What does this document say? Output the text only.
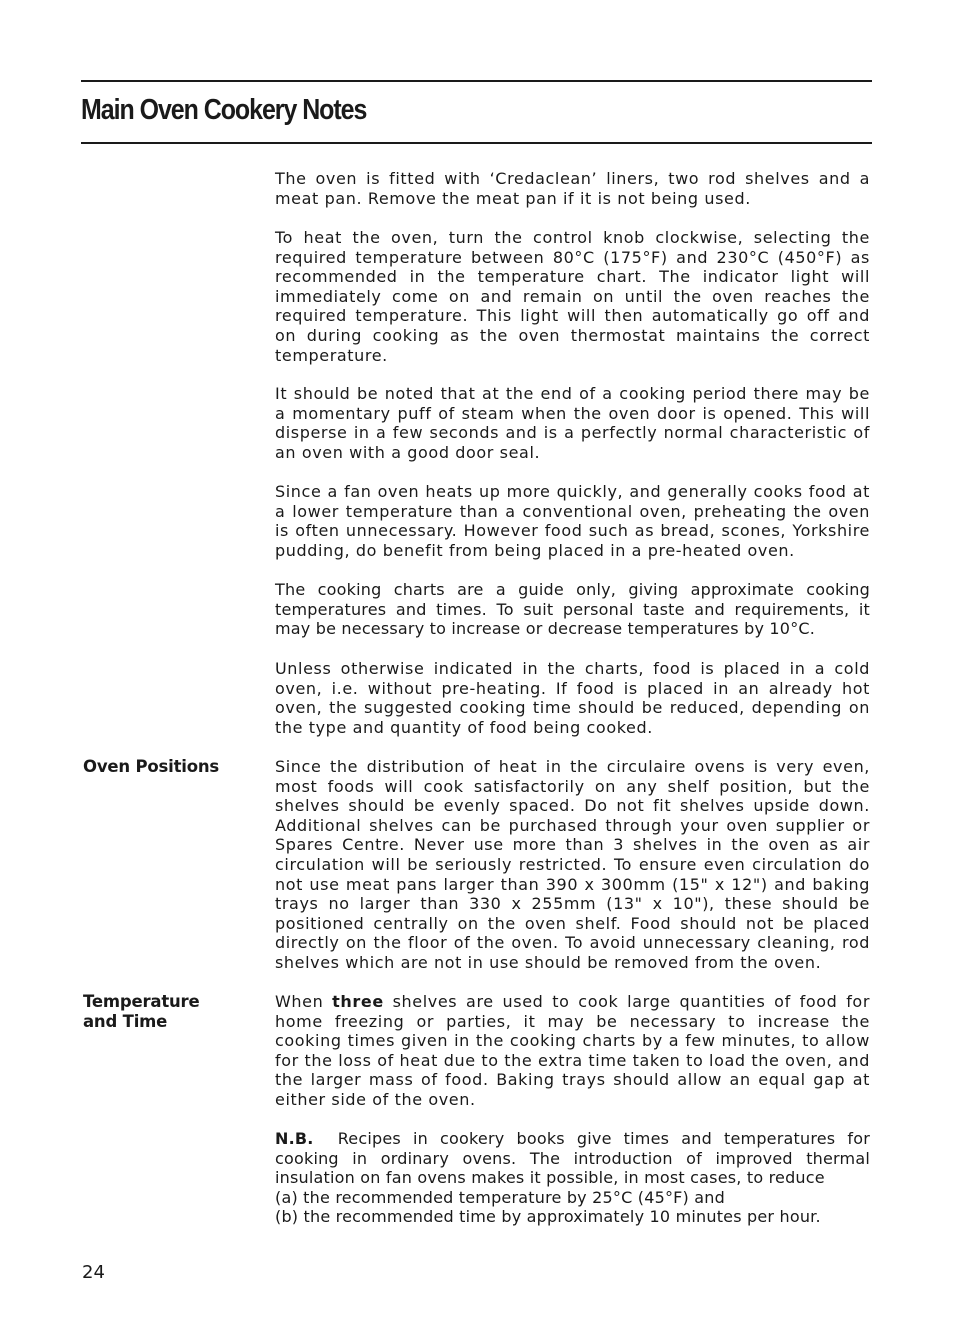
Main Oven Cookery Notes

The oven is fitted with ‘Credaclean’ liners, two rod shelves and a meat pan. Remove the meat pan if it is not being used.

To heat the oven, turn the control knob clockwise, selecting the required temperature between 80°C (175°F) and 230°C (450°F) as recommended in the temperature chart. The indicator light will immediately come on and remain on until the oven reaches the required temperature. This light will then automatically go off and on during cooking as the oven thermostat maintains the correct temperature.

It should be noted that at the end of a cooking period there may be a momentary puff of steam when the oven door is opened. This will disperse in a few seconds and is a perfectly normal characteristic of an oven with a good door seal.

Since a fan oven heats up more quickly, and generally cooks food at a lower temperature than a conventional oven, preheating the oven is often unnecessary. However food such as bread, scones, Yorkshire pudding, do benefit from being placed in a pre-heated oven.

The cooking charts are a guide only, giving approximate cooking temperatures and times. To suit personal taste and requirements, it may be necessary to increase or decrease temperatures by 10°C.

Unless otherwise indicated in the charts, food is placed in a cold oven, i.e. without pre-heating. If food is placed in an already hot oven, the suggested cooking time should be reduced, depending on the type and quantity of food being cooked.

Oven Positions	Since the distribution of heat in the circulaire ovens is very even, most foods will cook satisfactorily on any shelf position, but the shelves should be evenly spaced. Do not fit shelves upside down. Additional shelves can be purchased through your oven supplier or Spares Centre. Never use more than 3 shelves in the oven as air circulation will be seriously restricted. To ensure even circulation do not use meat pans larger than 390 x 300mm (15" x 12") and baking trays no larger than 330 x 255mm (13" x 10"), these should be positioned centrally on the oven shelf. Food should not be placed directly on the floor of the oven. To avoid unnecessary cleaning, rod shelves which are not in use should be removed from the oven.

Temperature
and Time

When three shelves are used to cook large quantities of food for home freezing or parties, it may be necessary to increase the cooking times given in the cooking charts by a few minutes, to allow for the loss of heat due to the extra time taken to load the oven, and the larger mass of food. Baking trays should allow an equal gap at either side of the oven.

N.B. Recipes in cookery books give times and temperatures for cooking in ordinary ovens. The introduction of improved thermal insulation on fan ovens makes it possible, in most cases, to reduce
(a) the recommended temperature by 25°C (45°F) and
(b) the recommended time by approximately 10 minutes per hour.

24
